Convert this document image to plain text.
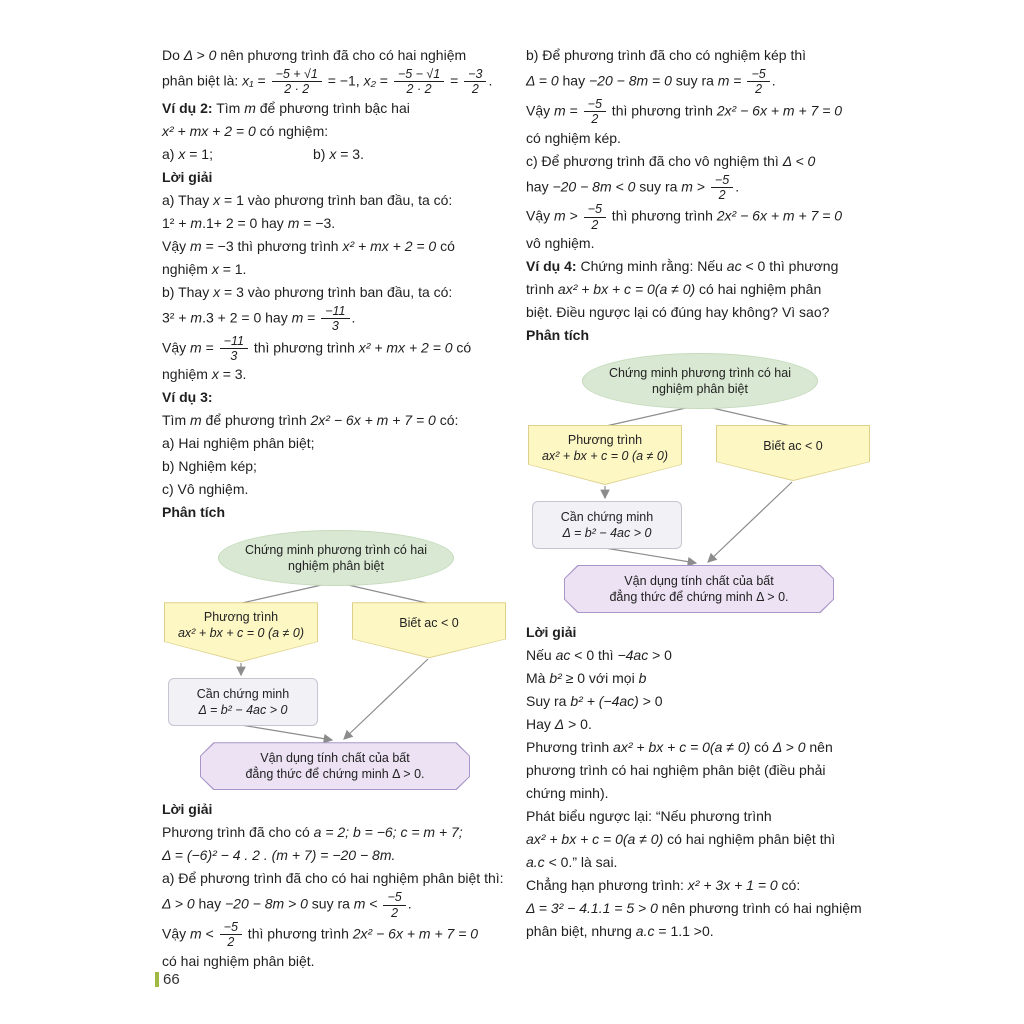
Do Δ > 0 nên phương trình đã cho có hai nghiệm

phân biệt là: $x_1 = \frac{-5 + √1}{2 \cdot 2} = -1$, $x_2 = \frac{-5 - √1}{2 \cdot 2} = \frac{-3}{2}$ .

Ví dụ 2: Tìm m để phương trình bậc hai

x² + mx + 2 = 0 có nghiệm:

a) x = 1;	b) x = 3.

Lời giải

a) Thay x = 1 vào phương trình ban đầu, ta có:

1² + m.1+ 2 = 0 hay m = −3.

Vậy m = −3 thì phương trình x² + mx + 2 = 0 có

nghiệm x = 1.

b) Thay x = 3 vào phương trình ban đầu, ta có:

3² + m.3 + 2 = 0 hay $m = \frac{-11}{3}$ .

Vậy $m = \frac{-11}{3}$ thì phương trình x² + mx + 2 = 0 có

nghiệm x = 3.

Ví dụ 3:

Tìm m để phương trình 2x² − 6x + m + 7 = 0 có:

a) Hai nghiệm phân biệt;

b) Nghiệm kép;

c) Vô nghiệm.

Phân tích

Chứng minh phương trình có hai
nghiệm phân biệt
Phương trình
ax² + bx + c = 0 (a ≠ 0)
Biết ac < 0
Cần chứng minh
Δ = b² − 4ac > 0
Vận dụng tính chất của bất
đẳng thức để chứng minh Δ > 0.

Lời giải

Phương trình đã cho có a = 2; b = −6; c = m + 7;

Δ = (−6)² − 4 . 2 . (m + 7) = −20 − 8m.

a) Để phương trình đã cho có hai nghiệm phân biệt thì:

Δ > 0 hay −20 − 8m > 0 suy ra $m < \frac{-5}{2}$ .

Vậy $m < \frac{-5}{2}$ thì phương trình 2x² − 6x + m + 7 = 0

có hai nghiệm phân biệt.

b) Để phương trình đã cho có nghiệm kép thì

Δ = 0 hay −20 − 8m = 0 suy ra $m = \frac{-5}{2}$ .

Vậy $m = \frac{-5}{2}$ thì phương trình 2x² − 6x + m + 7 = 0

có nghiệm kép.

c) Để phương trình đã cho vô nghiệm thì Δ < 0

hay −20 − 8m < 0 suy ra $m > \frac{-5}{2}$ .

Vậy $m > \frac{-5}{2}$ thì phương trình 2x² − 6x + m + 7 = 0

vô nghiệm.

Ví dụ 4: Chứng minh rằng: Nếu ac < 0 thì phương

trình ax² + bx + c = 0(a ≠ 0) có hai nghiệm phân

biệt. Điều ngược lại có đúng hay không? Vì sao?

Phân tích

Chứng minh phương trình có hai
nghiệm phân biệt
Phương trình
ax² + bx + c = 0 (a ≠ 0)
Biết ac < 0
Cần chứng minh
Δ = b² − 4ac > 0
Vận dụng tính chất của bất
đẳng thức để chứng minh Δ > 0.

Lời giải

Nếu ac < 0 thì −4ac > 0

Mà b² ≥ 0 với mọi b

Suy ra b² + (−4ac) > 0

Hay Δ > 0.

Phương trình ax² + bx + c = 0(a ≠ 0) có Δ > 0 nên

phương trình có hai nghiệm phân biệt (điều phải

chứng minh).

Phát biểu ngược lại: “Nếu phương trình

ax² + bx + c = 0(a ≠ 0) có hai nghiệm phân biệt thì

a.c < 0.” là sai.

Chẳng hạn phương trình: x² + 3x + 1 = 0 có:

Δ = 3² − 4.1.1 = 5 > 0 nên phương trình có hai nghiệm

phân biệt, nhưng a.c = 1.1 >0.

66
